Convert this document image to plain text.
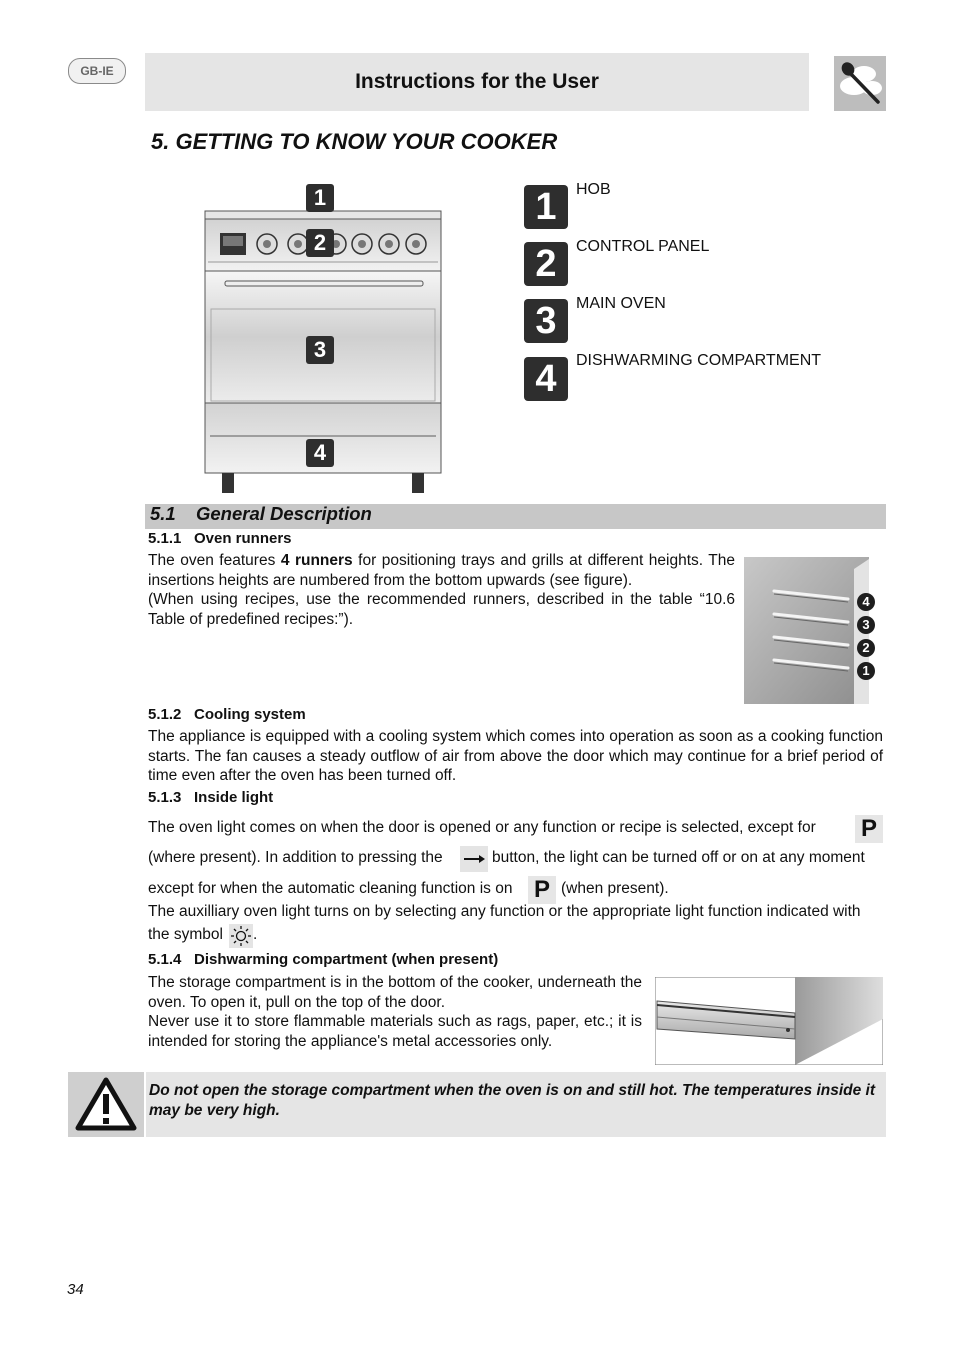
GB-IE	Instructions for the User
5. GETTING TO KNOW YOUR COOKER
1
2
3
4
1	HOB
2	CONTROL PANEL
3	MAIN OVEN
4	DISHWARMING COMPARTMENT
5.1 General Description
5.1.1 Oven runners
The oven features 4 runners for positioning trays and grills at different heights. The insertions heights are numbered from the bottom upwards (see figure).
(When using recipes, use the recommended runners, described in the table “10.6 Table of predefined recipes:”).
4
3
2
1
5.1.2 Cooling system
The appliance is equipped with a cooling system which comes into operation as soon as a cooking function starts. The fan causes a steady outflow of air from above the door which may continue for a brief period of time even after the oven has been turned off.
5.1.3 Inside light
The oven light comes on when the door is opened or any function or recipe is selected, except for P
(where present). In addition to pressing the	button, the light can be turned off or on at any moment
except for when the automatic cleaning function is on P (when present).
The auxilliary oven light turns on by selecting any function or the appropriate light function indicated with
the symbol .
5.1.4 Dishwarming compartment (when present)
The storage compartment is in the bottom of the cooker, underneath the oven. To open it, pull on the top of the door.
Never use it to store flammable materials such as rags, paper, etc.; it is intended for storing the appliance's metal accessories only.
Do not open the storage compartment when the oven is on and still hot. The temperatures inside it may be very high.
34
